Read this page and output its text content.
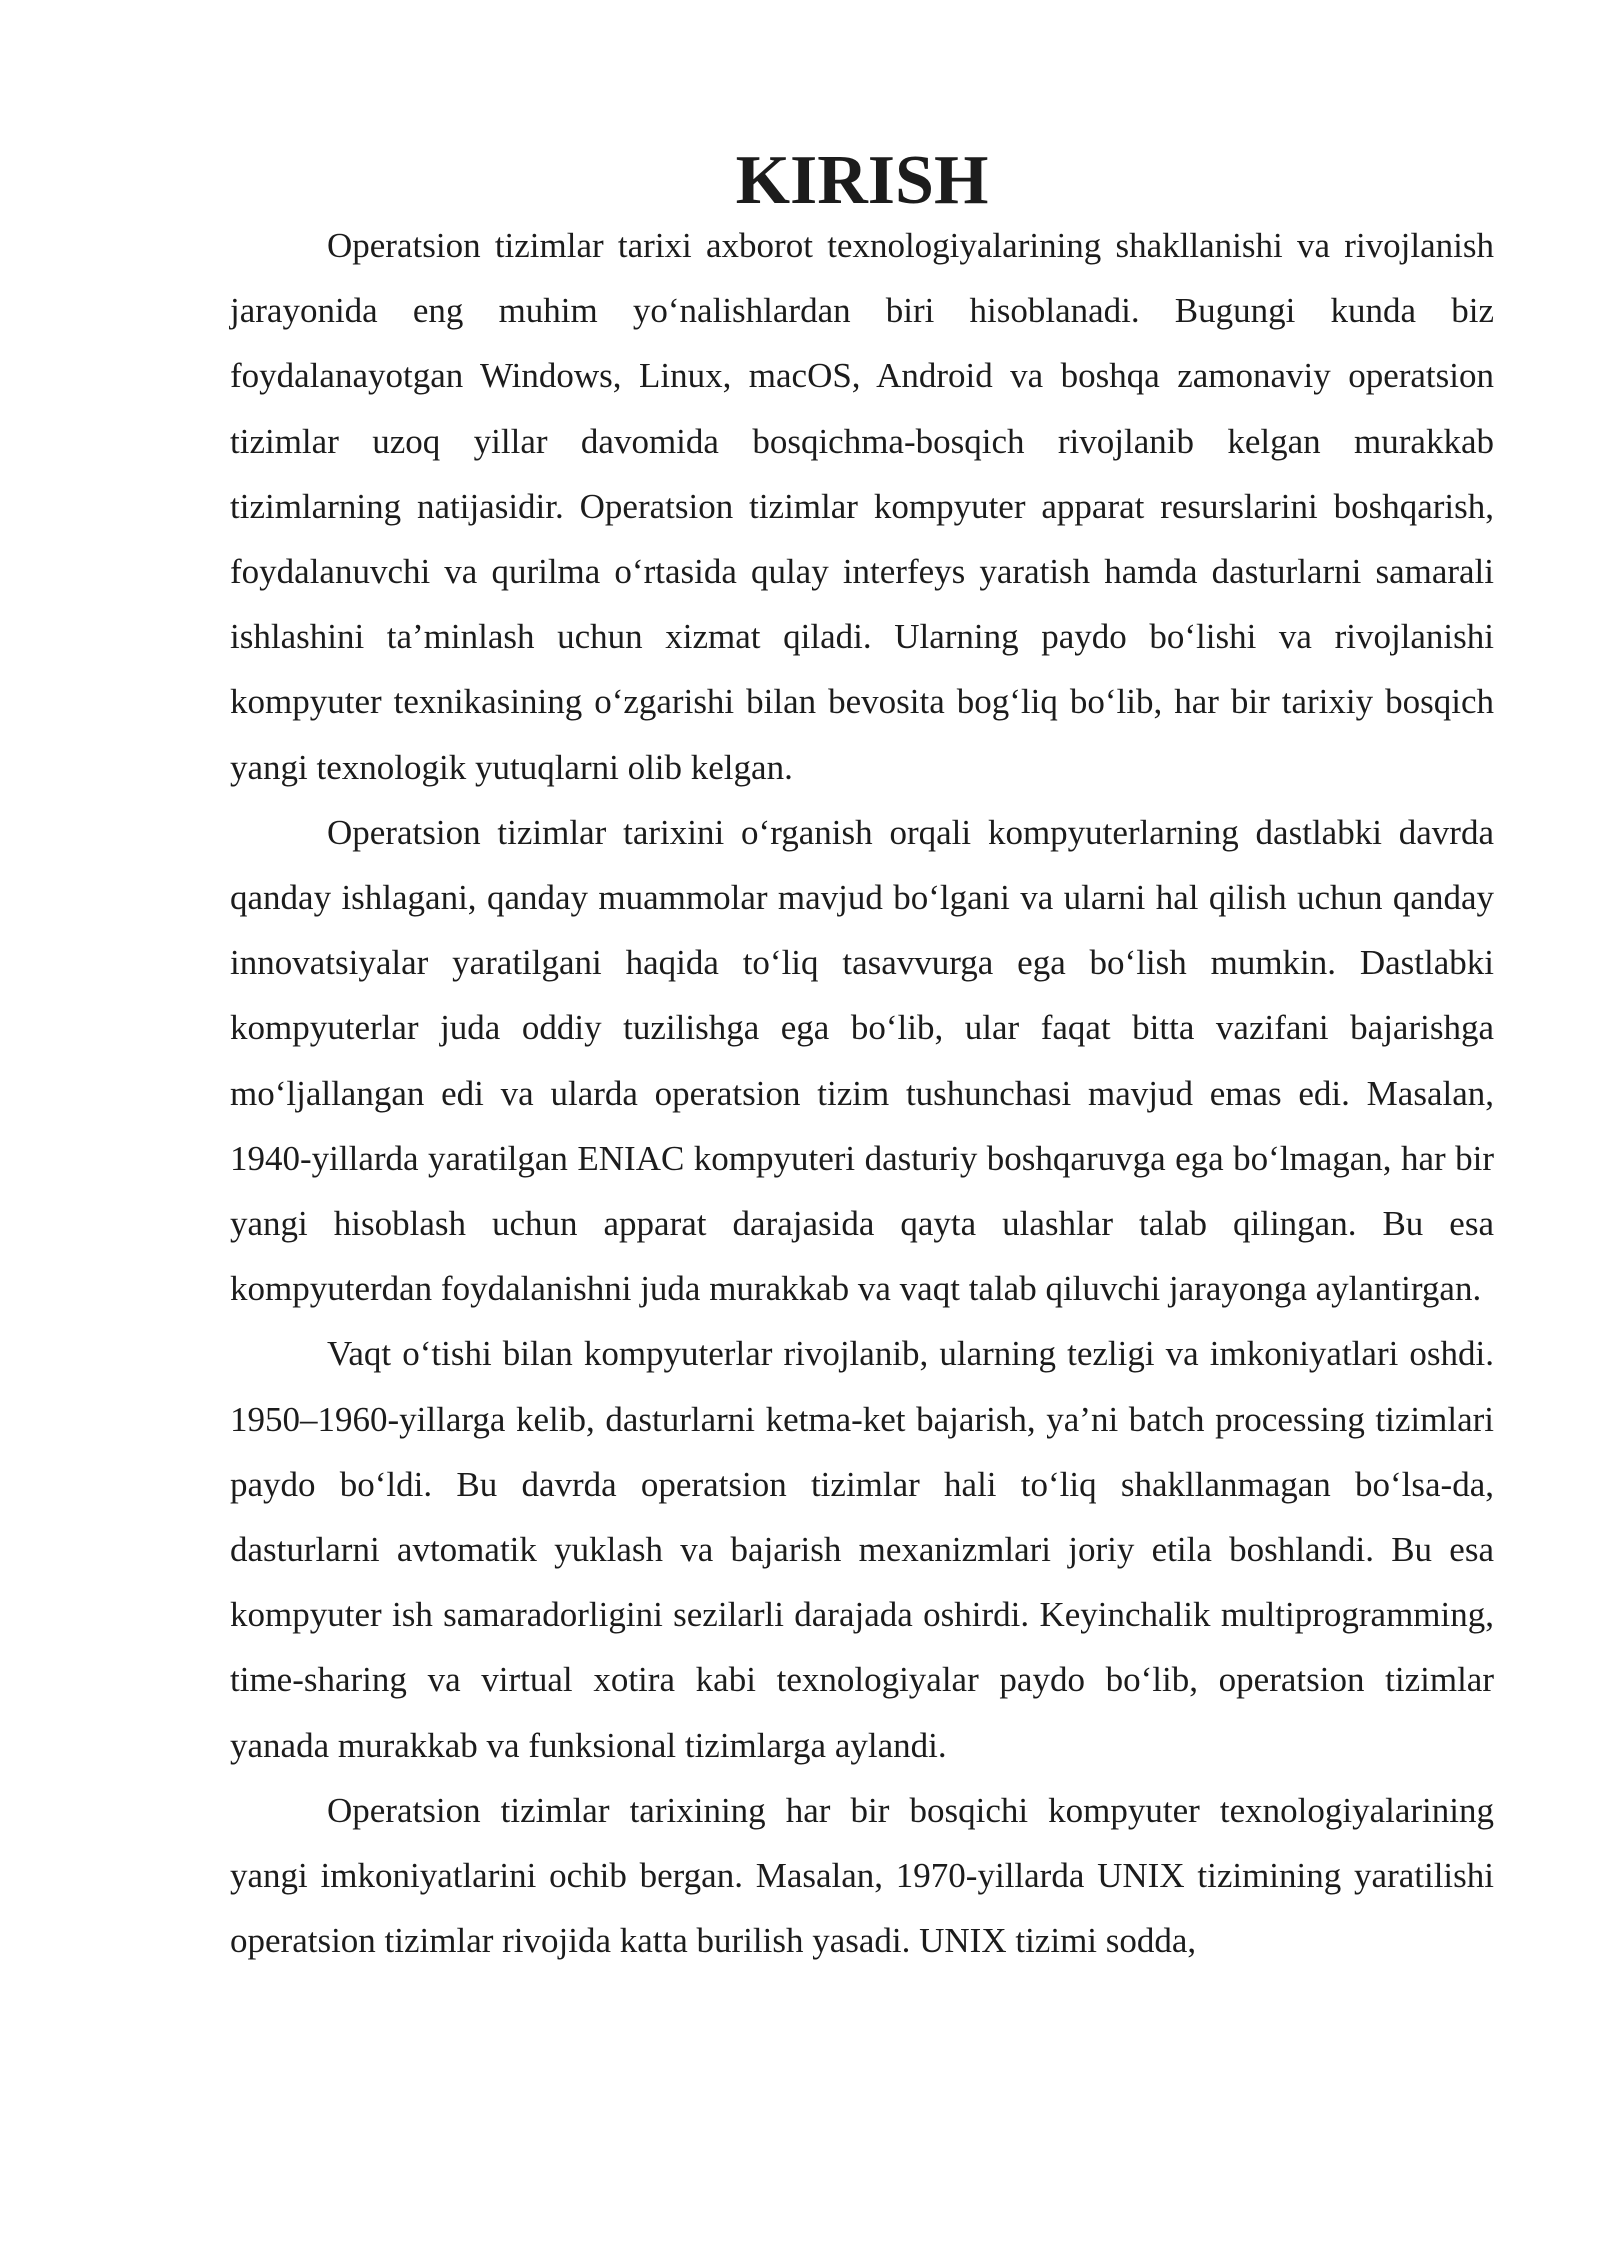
KIRISH

Operatsion tizimlar tarixi axborot texnologiyalarining shakllanishi va rivojlanish jarayonida eng muhim yo‘nalishlardan biri hisoblanadi. Bugungi kunda biz foydalanayotgan Windows, Linux, macOS, Android va boshqa zamonaviy operatsion tizimlar uzoq yillar davomida bosqichma-bosqich rivojlanib kelgan murakkab tizimlarning natijasidir. Operatsion tizimlar kompyuter apparat resurslarini boshqarish, foydalanuvchi va qurilma o‘rtasida qulay interfeys yaratish hamda dasturlarni samarali ishlashini ta’minlash uchun xizmat qiladi. Ularning paydo bo‘lishi va rivojlanishi kompyuter texnikasining o‘zgarishi bilan bevosita bog‘liq bo‘lib, har bir tarixiy bosqich yangi texnologik yutuqlarni olib kelgan.

Operatsion tizimlar tarixini o‘rganish orqali kompyuterlarning dastlabki davrda qanday ishlagani, qanday muammolar mavjud bo‘lgani va ularni hal qilish uchun qanday innovatsiyalar yaratilgani haqida to‘liq tasavvurga ega bo‘lish mumkin. Dastlabki kompyuterlar juda oddiy tuzilishga ega bo‘lib, ular faqat bitta vazifani bajarishga mo‘ljallangan edi va ularda operatsion tizim tushunchasi mavjud emas edi. Masalan, 1940-yillarda yaratilgan ENIAC kompyuteri dasturiy boshqaruvga ega bo‘lmagan, har bir yangi hisoblash uchun apparat darajasida qayta ulashlar talab qilingan. Bu esa kompyuterdan foydalanishni juda murakkab va vaqt talab qiluvchi jarayonga aylantirgan.

Vaqt o‘tishi bilan kompyuterlar rivojlanib, ularning tezligi va imkoniyatlari oshdi. 1950–1960-yillarga kelib, dasturlarni ketma-ket bajarish, ya’ni batch processing tizimlari paydo bo‘ldi. Bu davrda operatsion tizimlar hali to‘liq shakllanmagan bo‘lsa-da, dasturlarni avtomatik yuklash va bajarish mexanizmlari joriy etila boshlandi. Bu esa kompyuter ish samaradorligini sezilarli darajada oshirdi. Keyinchalik multiprogramming, time-sharing va virtual xotira kabi texnologiyalar paydo bo‘lib, operatsion tizimlar yanada murakkab va funksional tizimlarga aylandi.

Operatsion tizimlar tarixining har bir bosqichi kompyuter texnologiyalarining yangi imkoniyatlarini ochib bergan. Masalan, 1970-yillarda UNIX tizimining yaratilishi operatsion tizimlar rivojida katta burilish yasadi. UNIX tizimi sodda,
